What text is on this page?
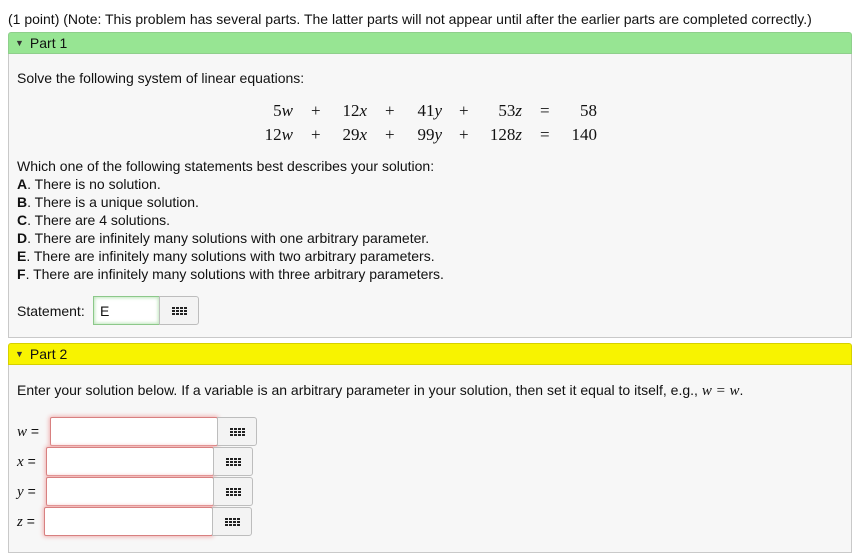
(1 point) (Note: This problem has several parts. The latter parts will not appear until after the earlier parts are completed correctly.)
▼ Part 1
Solve the following system of linear equations:
5w +	12x +	41y +	53z =	58
12w +	29x +	99y +	128z =	140
Which one of the following statements best describes your solution:
A. There is no solution.
B. There is a unique solution.
C. There are 4 solutions.
D. There are infinitely many solutions with one arbitrary parameter.
E. There are infinitely many solutions with two arbitrary parameters.
F. There are infinitely many solutions with three arbitrary parameters.
Statement:	E
▼ Part 2
Enter your solution below. If a variable is an arbitrary parameter in your solution, then set it equal to itself, e.g., w = w.
w =
x =
y =
z =
